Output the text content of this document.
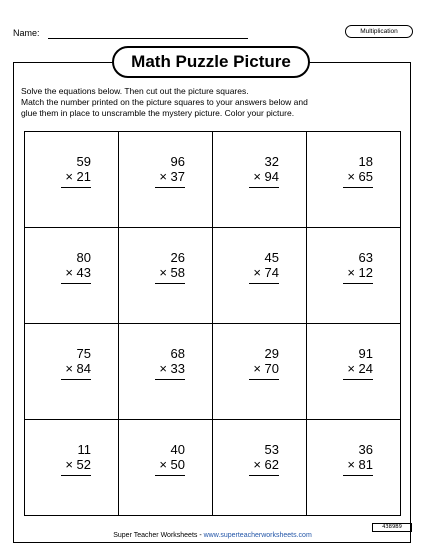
Name:	Multiplication
Math Puzzle Picture
Solve the equations below. Then cut out the picture squares.
Match the number printed on the picture squares to your answers below and
glue them in place to unscramble the mystery picture. Color your picture.
59
× 21
96
× 37
32
× 94
18
× 65
80
× 43
26
× 58
45
× 74
63
× 12
75
× 84
68
× 33
29
× 70
91
× 24
11
× 52
40
× 50
53
× 62
36
× 81
Super Teacher Worksheets - www.superteacherworksheets.com
4389B9
